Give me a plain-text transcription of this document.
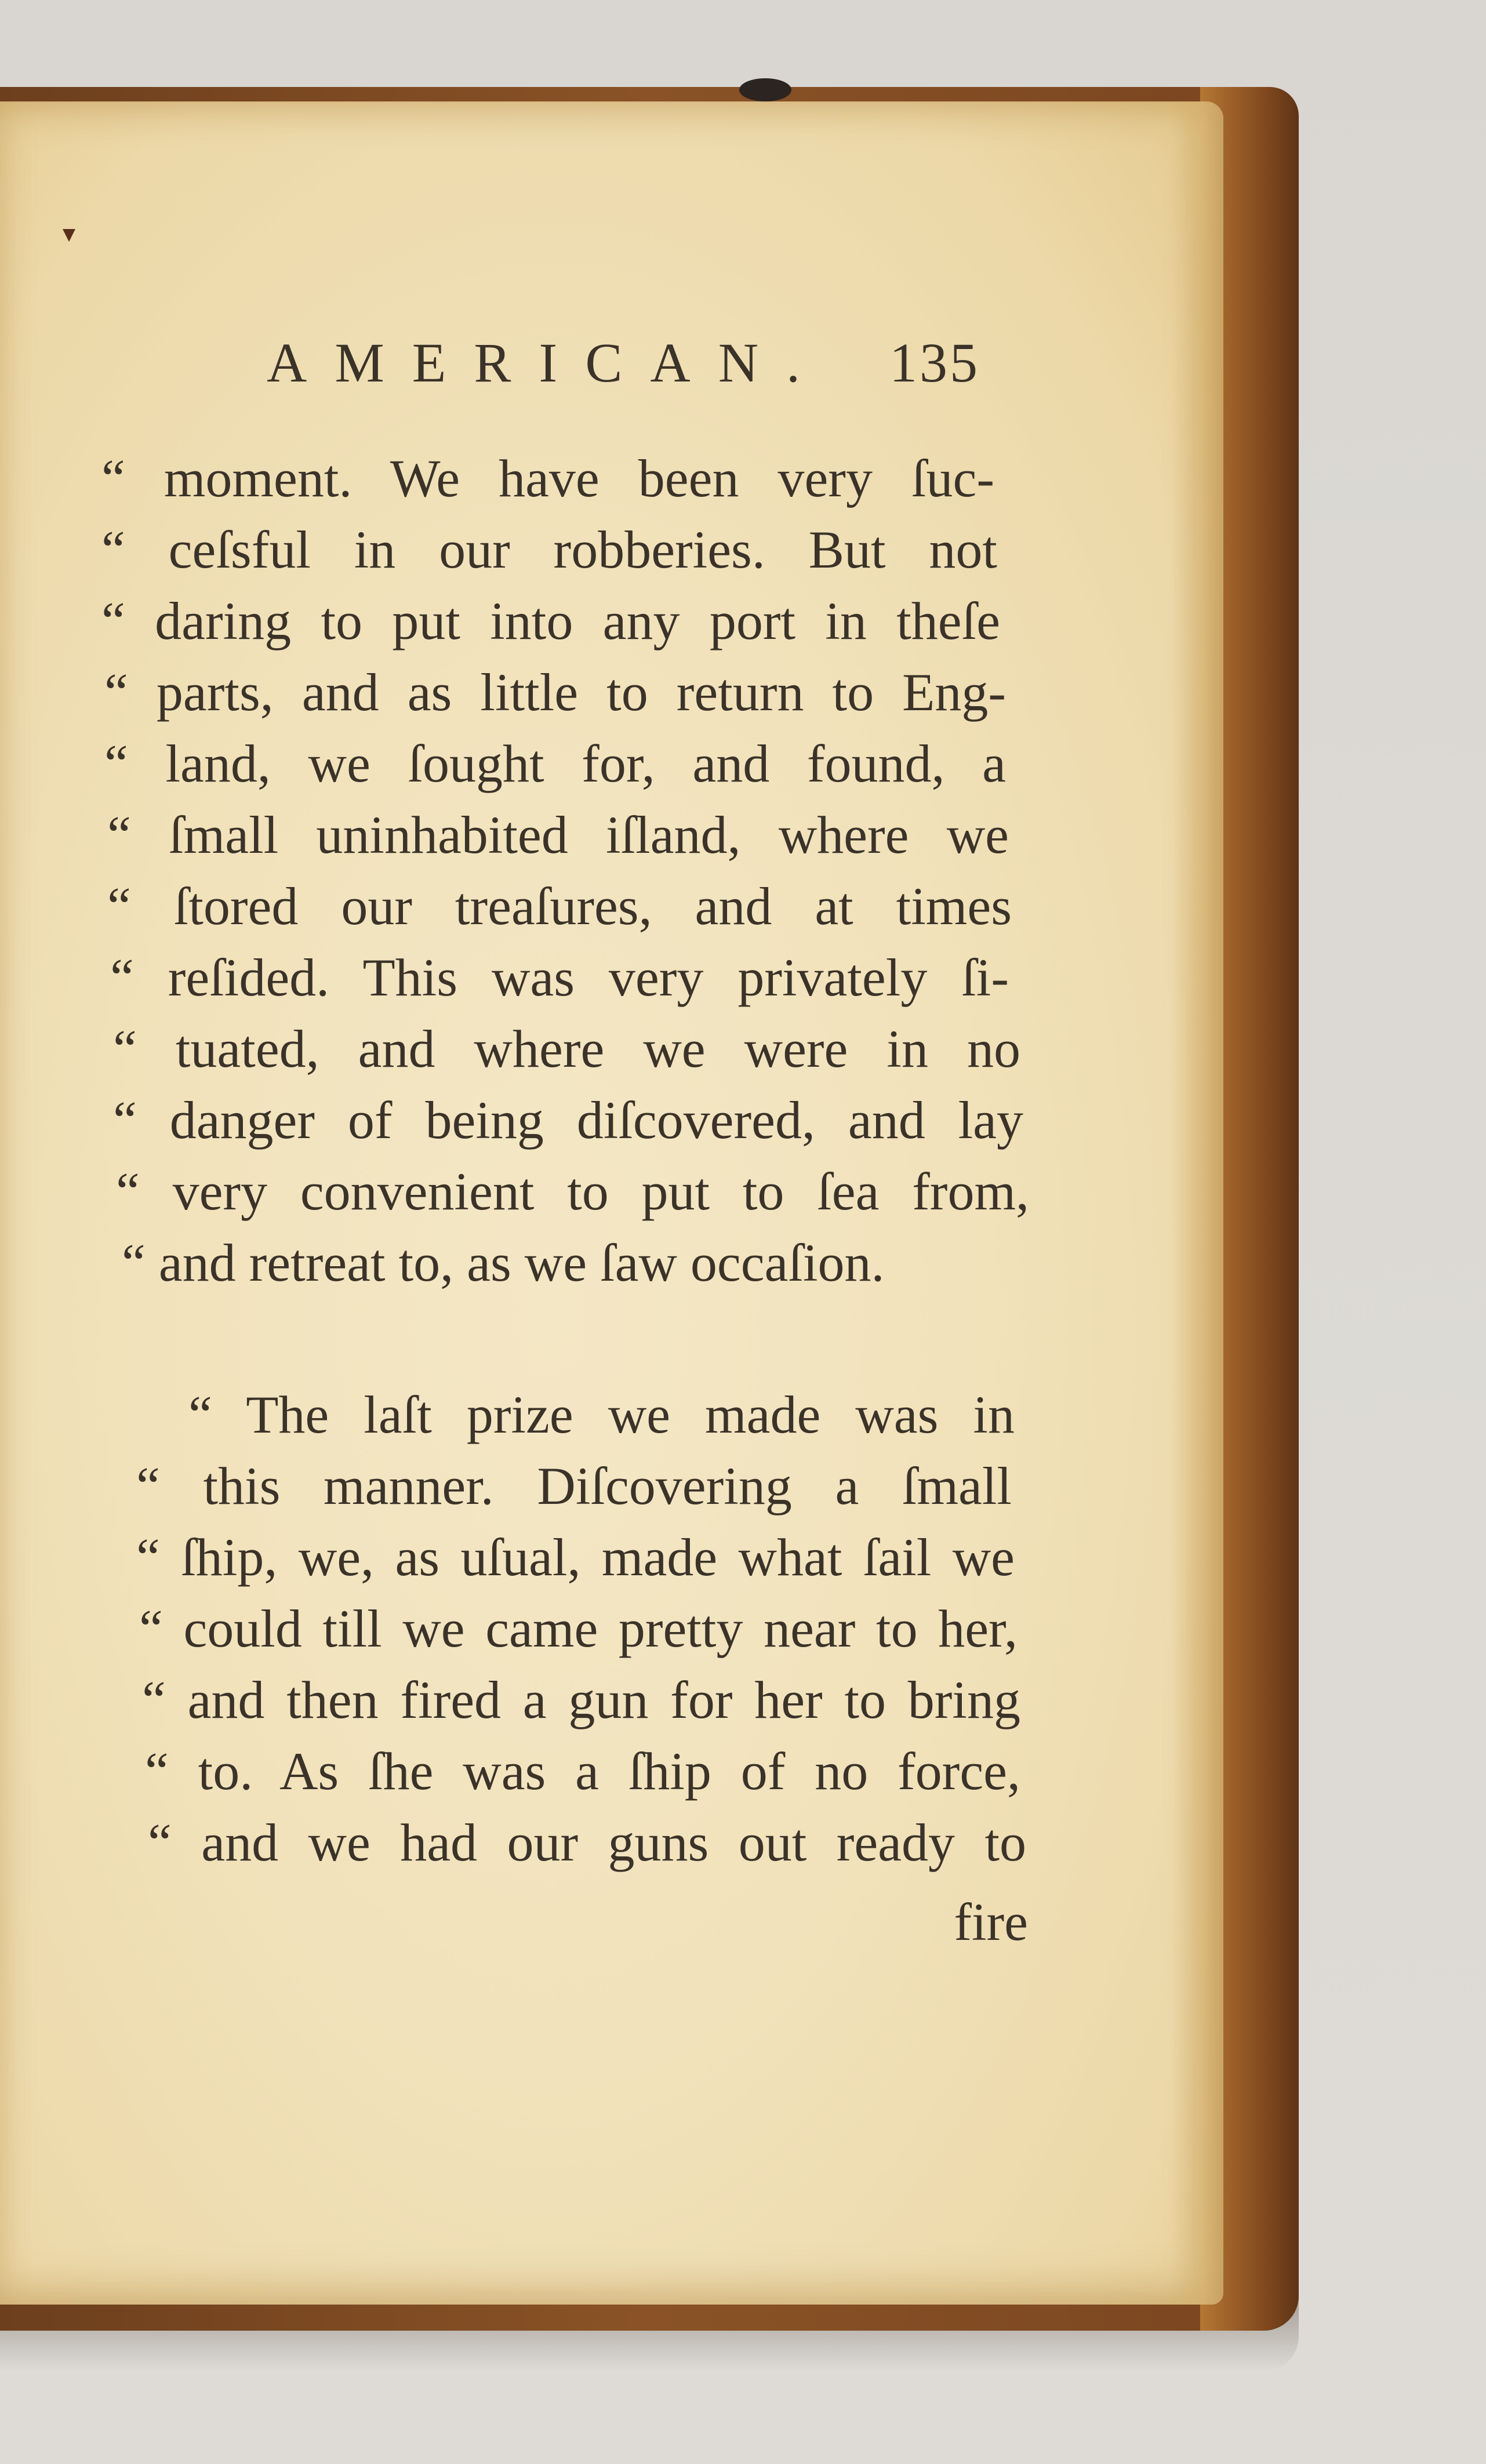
AMERICAN. 135
“ moment. We have been very ſuc-
“ ceſsful in our robberies. But not
“ daring to put into any port in theſe
“ parts, and as little to return to Eng-
“ land, we ſought for, and found, a
“ ſmall uninhabited iſland, where we
“ ſtored our treaſures, and at times
“ reſided. This was very privately ſi-
“ tuated, and where we were in no
“ danger of being diſcovered, and lay
“ very convenient to put to ſea from,
“ and retreat to, as we ſaw occaſion.
“ The laſt prize we made was in
“ this manner. Diſcovering a ſmall
“ ſhip, we, as uſual, made what ſail we
“ could till we came pretty near to her,
“ and then fired a gun for her to bring
“ to. As ſhe was a ſhip of no force,
“ and we had our guns out ready to
fire
